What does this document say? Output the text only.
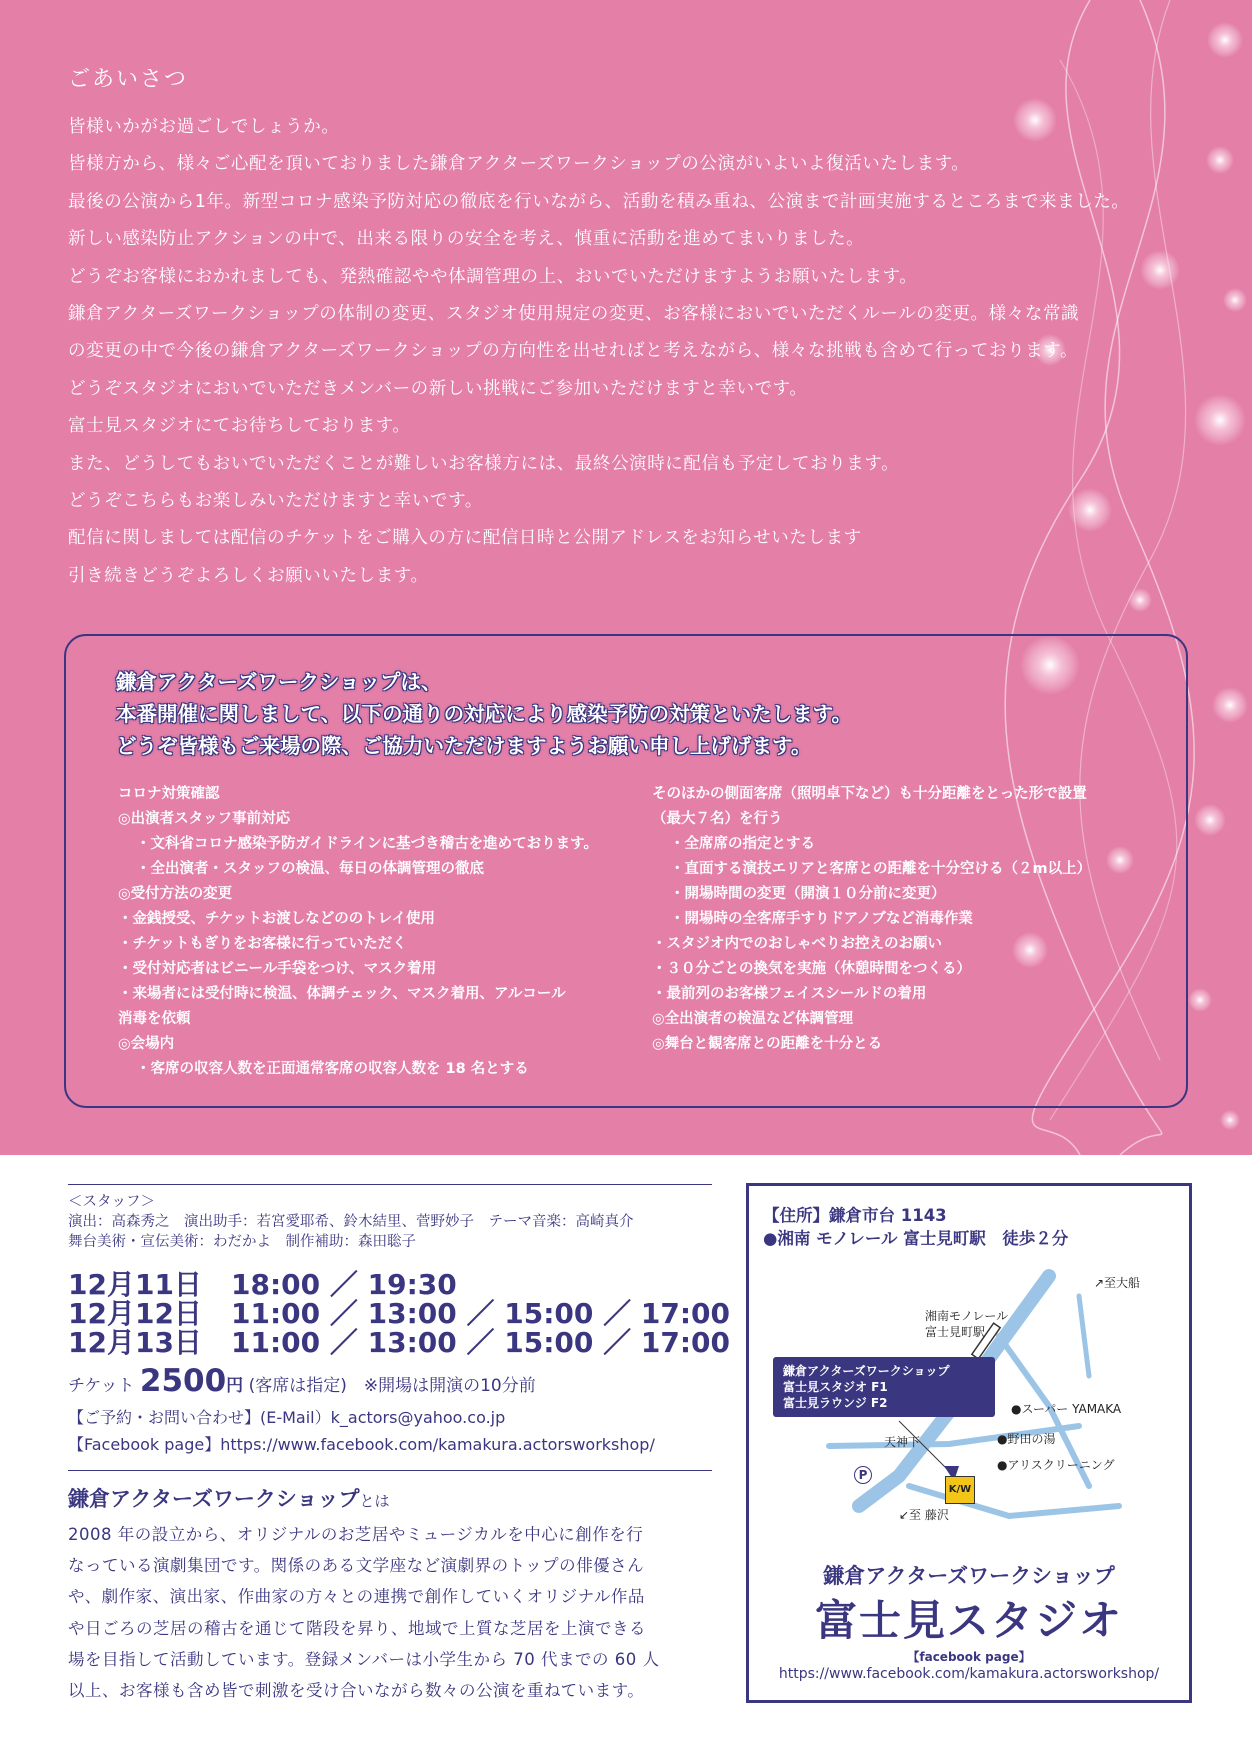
ごあいさつ

皆様いかがお過ごしでしょうか。

皆様方から、様々ご心配を頂いておりました鎌倉アクターズワークショップの公演がいよいよ復活いたします。

最後の公演から1年。新型コロナ感染予防対応の徹底を行いながら、活動を積み重ね、公演まで計画実施するところまで来ました。

新しい感染防止アクションの中で、出来る限りの安全を考え、慎重に活動を進めてまいりました。

どうぞお客様におかれましても、発熱確認やや体調管理の上、おいでいただけますようお願いたします。

鎌倉アクターズワークショップの体制の変更、スタジオ使用規定の変更、お客様においでいただくルールの変更。様々な常識

の変更の中で今後の鎌倉アクターズワークショップの方向性を出せればと考えながら、様々な挑戦も含めて行っております。

どうぞスタジオにおいでいただきメンバーの新しい挑戦にご参加いただけますと幸いです。

富士見スタジオにてお待ちしております。

また、どうしてもおいでいただくことが難しいお客様方には、最終公演時に配信も予定しております。

どうぞこちらもお楽しみいただけますと幸いです。

配信に関しましては配信のチケットをご購入の方に配信日時と公開アドレスをお知らせいたします

引き続きどうぞよろしくお願いいたします。

鎌倉アクターズワークショップは、
本番開催に関しまして、以下の通りの対応により感染予防の対策といたします。
どうぞ皆様もご来場の際、ご協力いただけますようお願い申し上げげます。
コロナ対策確認
◎出演者スタッフ事前対応
・文科省コロナ感染予防ガイドラインに基づき稽古を進めております。
・全出演者・スタッフの検温、毎日の体調管理の徹底
◎受付方法の変更
・金銭授受、チケットお渡しなどののトレイ使用
・チケットもぎりをお客様に行っていただく
・受付対応者はビニール手袋をつけ、マスク着用
・来場者には受付時に検温、体調チェック、マスク着用、アルコール
消毒を依頼
◎会場内
・客席の収容人数を正面通常客席の収容人数を 18 名とする
そのほかの側面客席（照明卓下など）も十分距離をとった形で設置
（最大７名）を行う
・全席席の指定とする
・直面する演技エリアと客席との距離を十分空ける（２m以上）
・開場時間の変更（開演１０分前に変更）
・開場時の全客席手すりドアノブなど消毒作業
・スタジオ内でのおしゃべりお控えのお願い
・３０分ごとの換気を実施（休憩時間をつくる）
・最前列のお客様フェイスシールドの着用
◎全出演者の検温など体調管理
◎舞台と観客席との距離を十分とる
＜スタッフ＞
演出：高森秀之　演出助手：若宮愛耶希、鈴木結里、菅野妙子　テーマ音楽：高崎真介
舞台美術・宣伝美術：わだかよ　制作補助：森田聡子
12月11日 18:00 ／ 19:30
12月12日 11:00 ／ 13:00 ／ 15:00 ／ 17:00
12月13日 11:00 ／ 13:00 ／ 15:00 ／ 17:00
チケット 2500円 (客席は指定)　※開場は開演の10分前
【ご予約・お問い合わせ】(E-Mail）k_actors@yahoo.co.jp
【Facebook page】https://www.facebook.com/kamakura.actorsworkshop/
鎌倉アクターズワークショップとは

2008 年の設立から、オリジナルのお芝居やミュージカルを中心に創作を行
なっている演劇集団です。関係のある文学座など演劇界のトップの俳優さん
や、劇作家、演出家、作曲家の方々との連携で創作していくオリジナル作品
や日ごろの芝居の稽古を通じて階段を昇り、地域で上質な芝居を上演できる
場を目指して活動しています。登録メンバーは小学生から 70 代までの 60 人
以上、お客様も含め皆で刺激を受け合いながら数々の公演を重ねています。

【住所】鎌倉市台 1143
●湘南 モノレール 富士見町駅　徒歩２分
↗至大船
湘南モノレール
富士見町駅
●スーパー YAMAKA
●野田の湯
●アリスクリーニング
天神下
↙至 藤沢
P
K/W
鎌倉アクターズワークショップ
富士見スタジオ F1
富士見ラウンジ F2
鎌倉アクターズワークショップ
富士見スタジオ
【facebook page】
https://www.facebook.com/kamakura.actorsworkshop/
